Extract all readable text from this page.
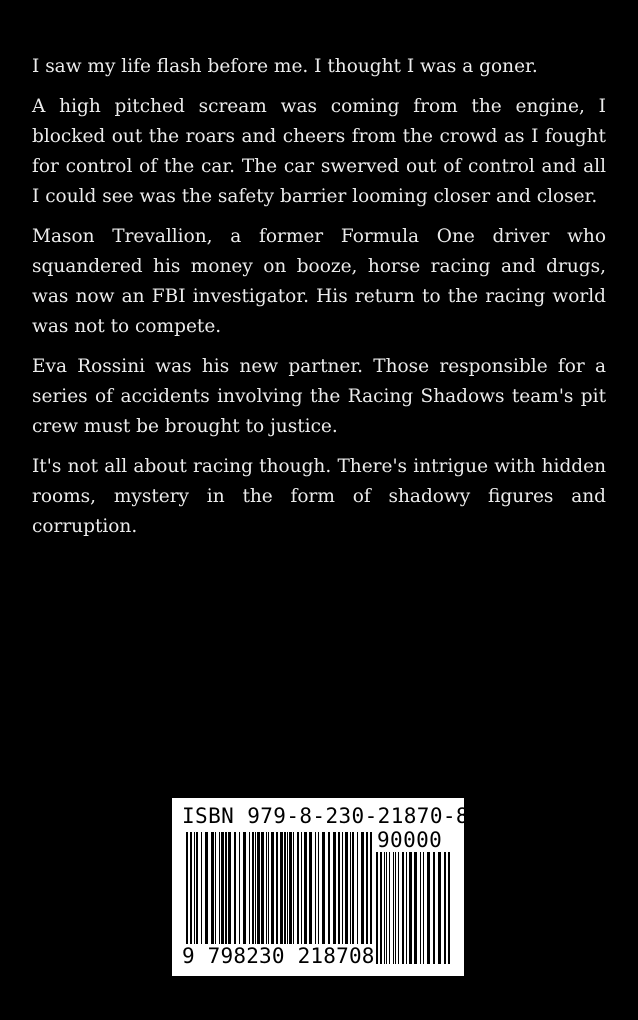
I saw my life flash before me. I thought I was a goner.

A high pitched scream was coming from the engine, I blocked out the roars and cheers from the crowd as I fought for control of the car. The car swerved out of control and all I could see was the safety barrier looming closer and closer.

Mason Trevallion, a former Formula One driver who squandered his money on booze, horse racing and drugs, was now an FBI investigator. His return to the racing world was not to compete.

Eva Rossini was his new partner. Those responsible for a series of accidents involving the Racing Shadows team's pit crew must be brought to justice.

It's not all about racing though. There's intrigue with hidden rooms, mystery in the form of shadowy figures and corruption.

ISBN 979-8-230-21870-8
90000
9 798230 218708
